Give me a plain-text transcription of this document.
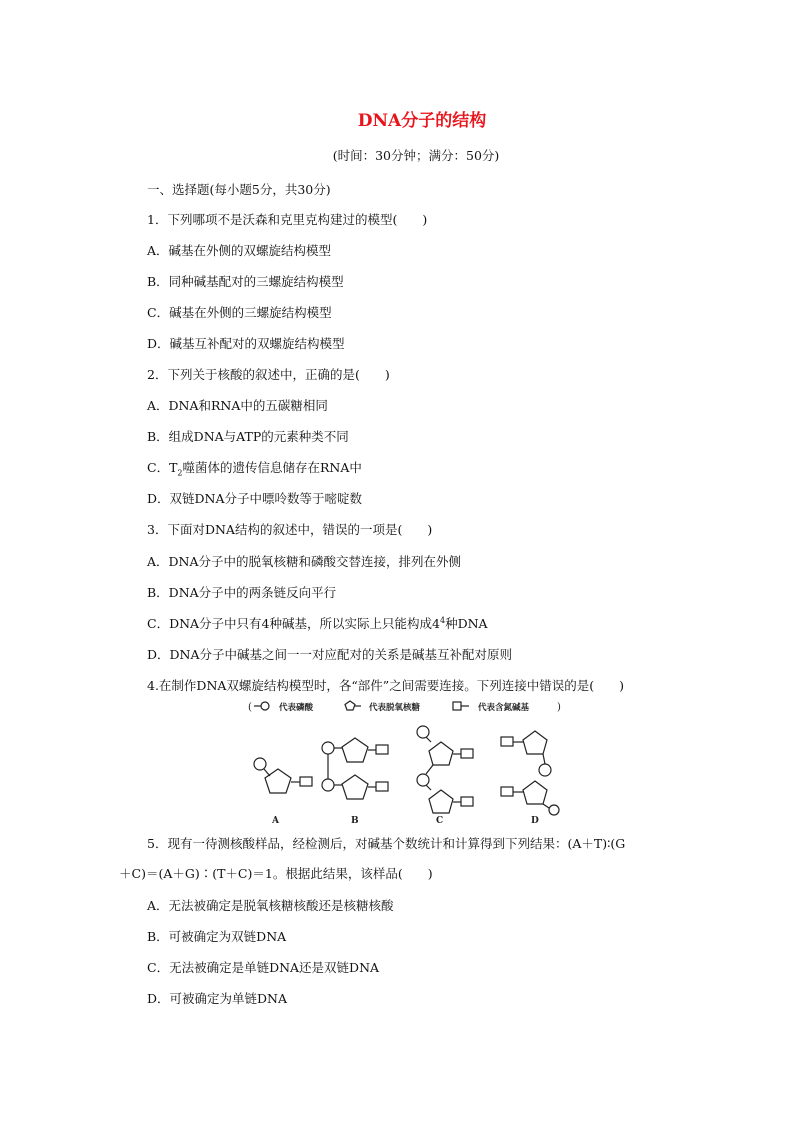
DNA分子的结构
(时间：30分钟；满分：50分)
一、选择题(每小题5分，共30分)
1．下列哪项不是沃森和克里克构建过的模型(　　)
A．碱基在外侧的双螺旋结构模型
B．同种碱基配对的三螺旋结构模型
C．碱基在外侧的三螺旋结构模型
D．碱基互补配对的双螺旋结构模型
2．下列关于核酸的叙述中，正确的是(　　)
A．DNA和RNA中的五碳糖相同
B．组成DNA与ATP的元素种类不同
C．$T_2$噬菌体的遗传信息储存在RNA中
D．双链DNA分子中嘌呤数等于嘧啶数
3．下面对DNA结构的叙述中，错误的一项是(　　)
A．DNA分子中的脱氧核糖和磷酸交替连接，排列在外侧
B．DNA分子中的两条链反向平行
C．DNA分子中只有4种碱基，所以实际上只能构成$4^4$种DNA
D．DNA分子中碱基之间一一对应配对的关系是碱基互补配对原则
4.在制作DNA双螺旋结构模型时，各“部件”之间需要连接。下列连接中错误的是(　　)
(	代表磷酸	代表脱氧核糖	代表含氮碱基	)
A	B	C	D
5．现有一待测核酸样品，经检测后，对碱基个数统计和计算得到下列结果：(A＋T)∶(G
＋C)＝(A＋G)∶(T＋C)＝1。根据此结果，该样品(　　)
A．无法被确定是脱氧核糖核酸还是核糖核酸
B．可被确定为双链DNA
C．无法被确定是单链DNA还是双链DNA
D．可被确定为单链DNA
